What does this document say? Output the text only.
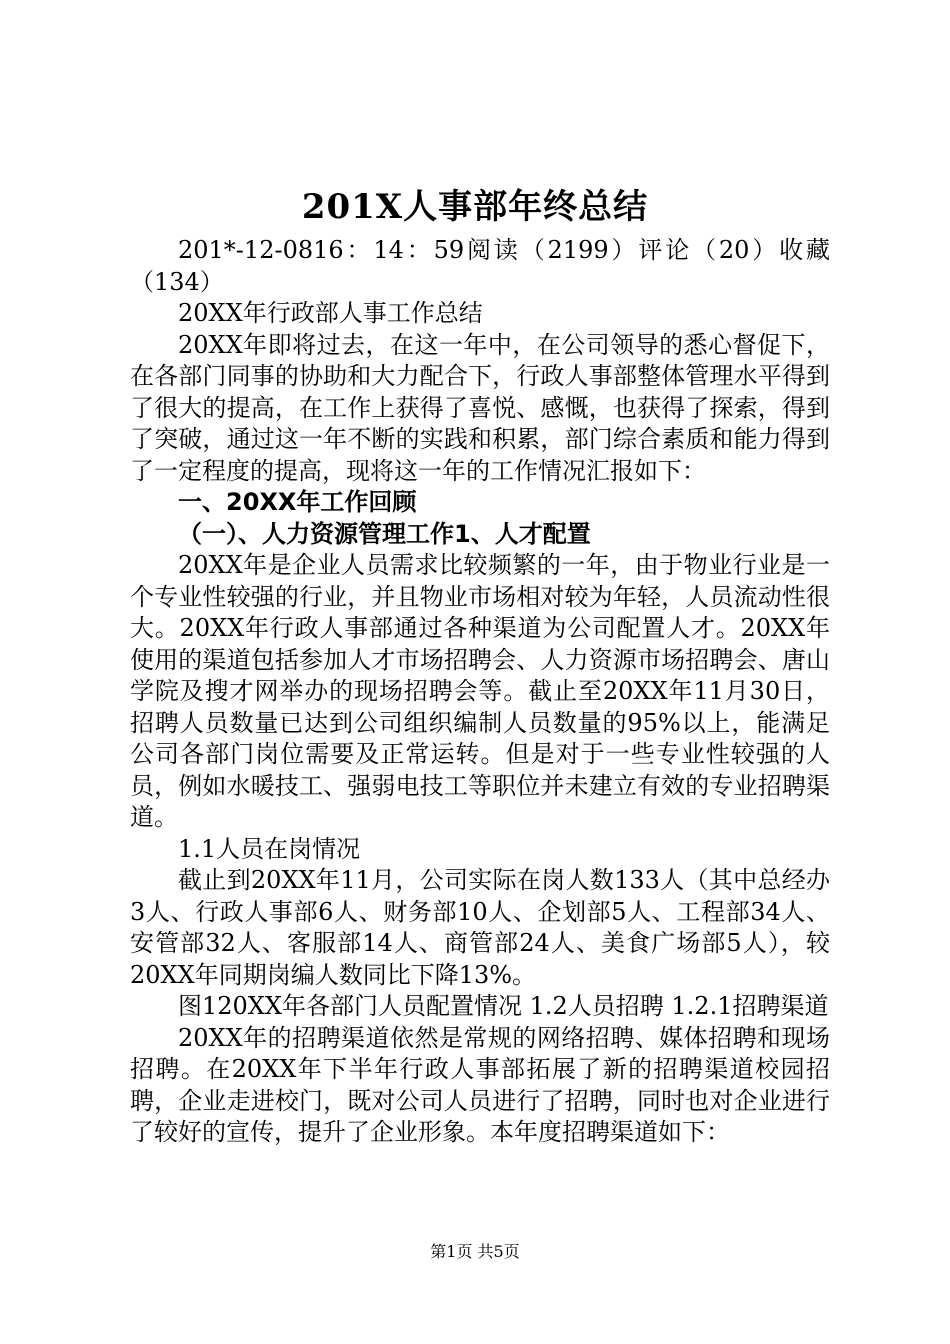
201X人事部年终总结

201*-12-0816：14：59阅读（2199）评论（20）收藏（134）

20XX年行政部人事工作总结

20XX年即将过去，在这一年中，在公司领导的悉心督促下，在各部门同事的协助和大力配合下，行政人事部整体管理水平得到了很大的提高，在工作上获得了喜悦、感慨，也获得了探索，得到了突破，通过这一年不断的实践和积累，部门综合素质和能力得到了一定程度的提高，现将这一年的工作情况汇报如下：

一、20XX年工作回顾

（一）、人力资源管理工作1、人才配置

20XX年是企业人员需求比较频繁的一年，由于物业行业是一个专业性较强的行业，并且物业市场相对较为年轻，人员流动性很大。20XX年行政人事部通过各种渠道为公司配置人才。20XX年使用的渠道包括参加人才市场招聘会、人力资源市场招聘会、唐山学院及搜才网举办的现场招聘会等。截止至20XX年11月30日，招聘人员数量已达到公司组织编制人员数量的95%以上，能满足公司各部门岗位需要及正常运转。但是对于一些专业性较强的人员，例如水暖技工、强弱电技工等职位并未建立有效的专业招聘渠道。

1.1人员在岗情况

截止到20XX年11月，公司实际在岗人数133人（其中总经办3人、行政人事部6人、财务部10人、企划部5人、工程部34人、安管部32人、客服部14人、商管部24人、美食广场部5人），较20XX年同期岗编人数同比下降13%。

图120XX年各部门人员配置情况 1.2人员招聘 1.2.1招聘渠道

20XX年的招聘渠道依然是常规的网络招聘、媒体招聘和现场招聘。在20XX年下半年行政人事部拓展了新的招聘渠道校园招聘，企业走进校门，既对公司人员进行了招聘，同时也对企业进行了较好的宣传，提升了企业形象。本年度招聘渠道如下：

第1页 共5页
